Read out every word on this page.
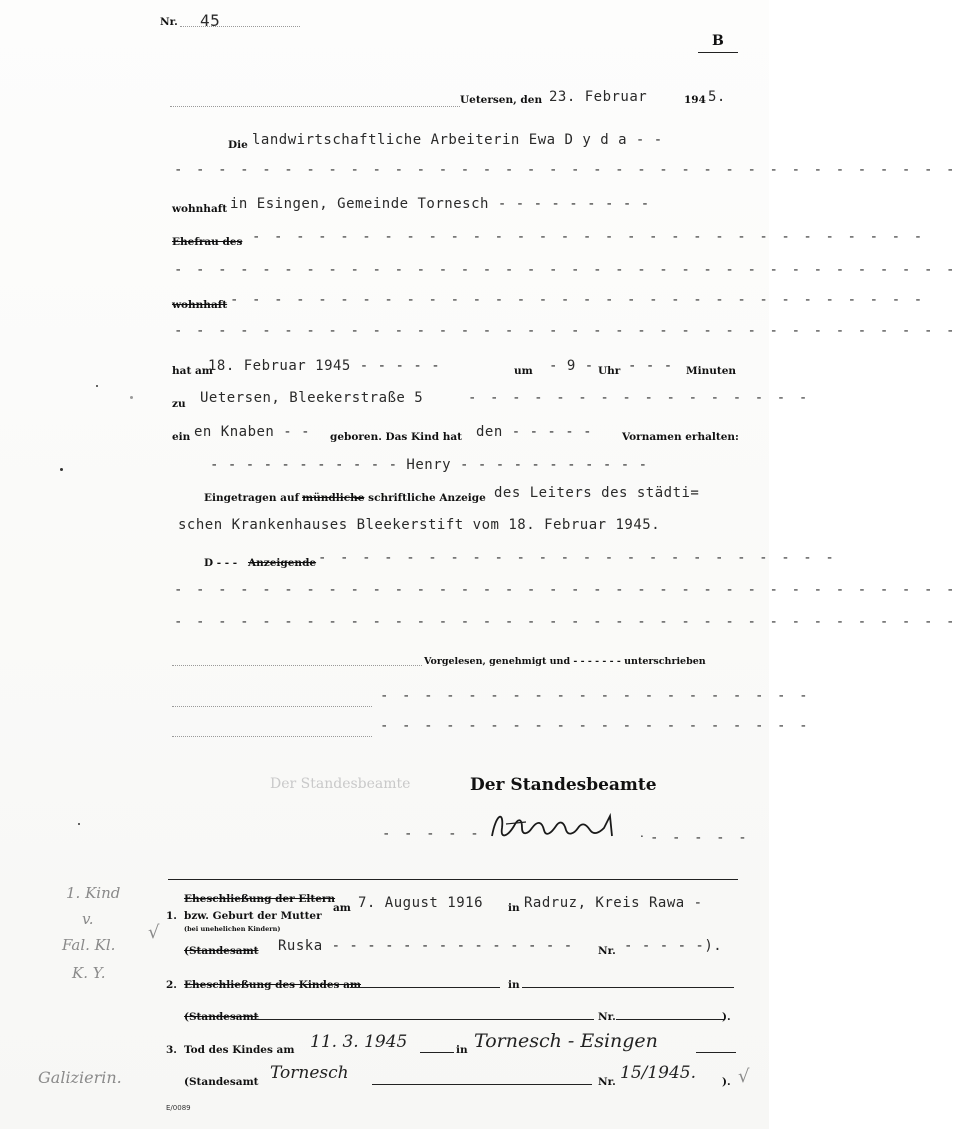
Nr. 45
B
Uetersen, den 23. Februar	194 5.
Die landwirtschaftliche Arbeiterin Ewa D y d a - -
- - - - - - - - - - - - - - - - - - - - - - - - - - - - - - - - - - - -
wohnhaft in Esingen, Gemeinde Tornesch - - - - - - - - -
Ehefrau des - - - - - - - - - - - - - - - - - - - - - - - - - - - - - - -
- - - - - - - - - - - - - - - - - - - - - - - - - - - - - - - - - - - -
wohnhaft - - - - - - - - - - - - - - - - - - - - - - - - - - - - - - - -
- - - - - - - - - - - - - - - - - - - - - - - - - - - - - - - - - - - -
hat am
18. Februar 1945 - - - - -	um - 9 - Uhr - - - Minuten
zu Uetersen, Bleekerstraße 5	- - - - - - - - - - - - - - - -
ein en Knaben - - geboren. Das Kind hat den - - - - -	Vornamen erhalten:
- - - - - - - - - - - Henry - - - - - - - - - - -
Eingetragen auf mündliche
— schriftliche Anzeige des Leiters des städti=
schen Krankenhauses Bleekerstift vom 18. Februar 1945.
D - - - Anzeigende - - - - - - - - - - - - - - - - - - - - - - - -
- - - - - - - - - - - - - - - - - - - - - - - - - - - - - - - - - - - -
- - - - - - - - - - - - - - - - - - - - - - - - - - - - - - - - - - - -
Vorgelesen, genehmigt und - - - - - - - unterschrieben
- - - - - - - - - - - - - - - - - - - -
- - - - - - - - - - - - - - - - - - - -
Der Standesbeamte	Der Standesbeamte
- - - - -	- - - - -
.
Eheschließung der Eltern
1. bzw. Geburt der Mutter
(bei unehelichen Kindern)
am 7. August 1916 in Radruz, Kreis Rawa -
√
(Standesamt Ruska - - - - - - - - - - - - - - Nr. - - - - -).
2. Eheschließung des Kindes am	in
(Standesamt	Nr.	).
3. Tod des Kindes am 11. 3. 1945	in Tornesch - Esingen
(Standesamt Tornesch	Nr. 15/1945. ). √
E/0089
1. Kind
v.
Fal. Kl.
K. Y.
Galizierin.
